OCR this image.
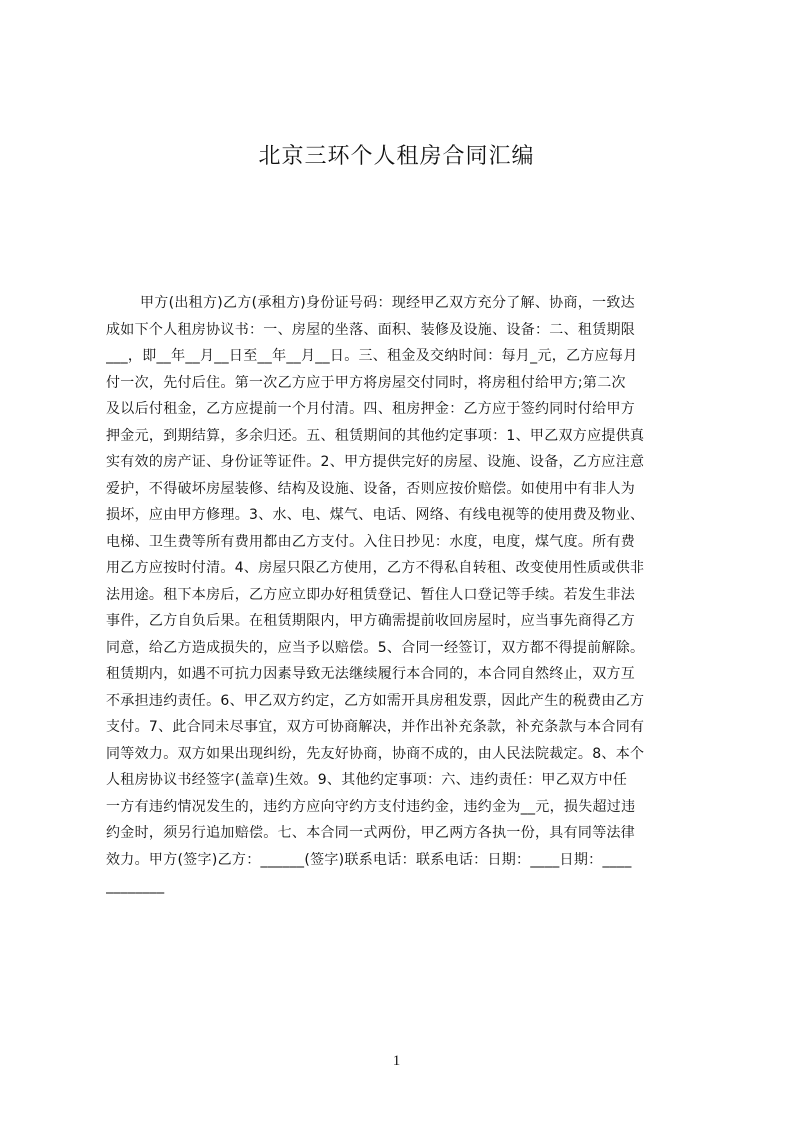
北京三环个人租房合同汇编
甲方(出租方)乙方(承租方)身份证号码：现经甲乙双方充分了解、协商，一致达
成如下个人租房协议书：一、房屋的坐落、面积、装修及设施、设备：二、租赁期限
___，即__年__月__日至__年__月__日。三、租金及交纳时间：每月_元，乙方应每月
付一次，先付后住。第一次乙方应于甲方将房屋交付同时，将房租付给甲方;第二次
及以后付租金，乙方应提前一个月付清。四、租房押金：乙方应于签约同时付给甲方
押金元，到期结算，多余归还。五、租赁期间的其他约定事项：1、甲乙双方应提供真
实有效的房产证、身份证等证件。2、甲方提供完好的房屋、设施、设备，乙方应注意
爱护，不得破坏房屋装修、结构及设施、设备，否则应按价赔偿。如使用中有非人为
损坏，应由甲方修理。3、水、电、煤气、电话、网络、有线电视等的使用费及物业、
电梯、卫生费等所有费用都由乙方支付。入住日抄见：水度，电度，煤气度。所有费
用乙方应按时付清。4、房屋只限乙方使用，乙方不得私自转租、改变使用性质或供非
法用途。租下本房后，乙方应立即办好租赁登记、暂住人口登记等手续。若发生非法
事件，乙方自负后果。在租赁期限内，甲方确需提前收回房屋时，应当事先商得乙方
同意，给乙方造成损失的，应当予以赔偿。5、合同一经签订，双方都不得提前解除。
租赁期内，如遇不可抗力因素导致无法继续履行本合同的，本合同自然终止，双方互
不承担违约责任。6、甲乙双方约定，乙方如需开具房租发票，因此产生的税费由乙方
支付。7、此合同未尽事宜，双方可协商解决，并作出补充条款，补充条款与本合同有
同等效力。双方如果出现纠纷，先友好协商，协商不成的，由人民法院裁定。8、本个
人租房协议书经签字(盖章)生效。9、其他约定事项：六、违约责任：甲乙双方中任
一方有违约情况发生的，违约方应向守约方支付违约金，违约金为__元，损失超过违
约金时，须另行追加赔偿。七、本合同一式两份，甲乙两方各执一份，具有同等法律
效力。甲方(签字)乙方：______(签字)联系电话：联系电话：日期：____日期：____
________
1
